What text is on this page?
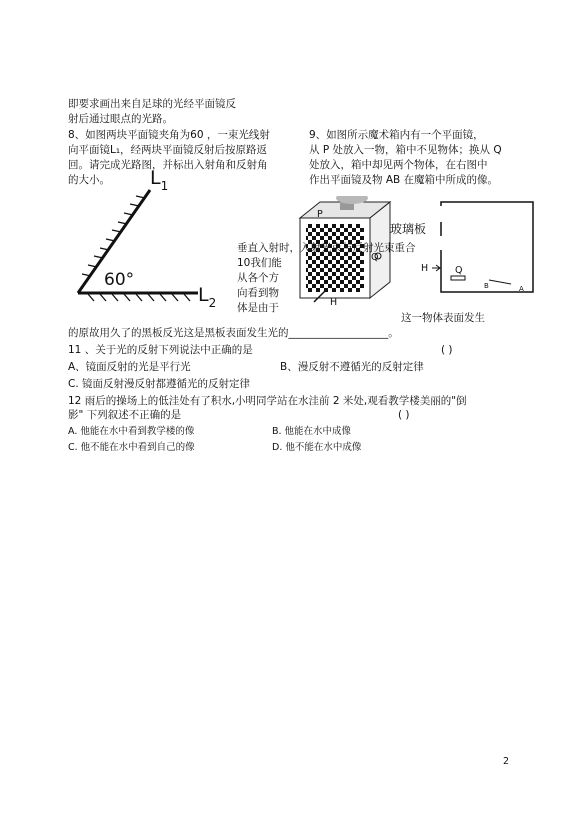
即要求画出来自足球的光经平面镜反
射后通过眼点的光路。
8、如图两块平面镜夹角为60 ，一束光线射
向平面镜L₁，经两块平面镜反射后按原路返
回。请完成光路图，并标出入射角和反射角
的大小。 $L_1$
60°
$L_2$
9、如图所示魔术箱内有一个平面镜，
从 P 处放入一物，箱中不见物体；换从 Q
处放入，箱中却见两个物体，在右图中
作出平面镜及物 AB 在魔箱中所成的像。
P
Q
H
玻璃板
H	Q
B	A
垂直入射时，入射光束与反射光束重合
10我们能
从各个方
向看到物
体是由于
这一物体表面发生
的原故用久了的黑板反光这是黑板表面发生光的___________________。
11 、关于光的反射下列说法中正确的是	( )
A、镜面反射的光是平行光	B、漫反射不遵循光的反射定律
C. 镜面反射漫反射都遵循光的反射定律
12 雨后的操场上的低洼处有了积水,小明同学站在水洼前 2 米处,观看教学楼美丽的"倒
影" 下列叙述不正确的是	( )
A. 他能在水中看到教学楼的像	B. 他能在水中成像
C. 他不能在水中看到自己的像	D. 他不能在水中成像
2
